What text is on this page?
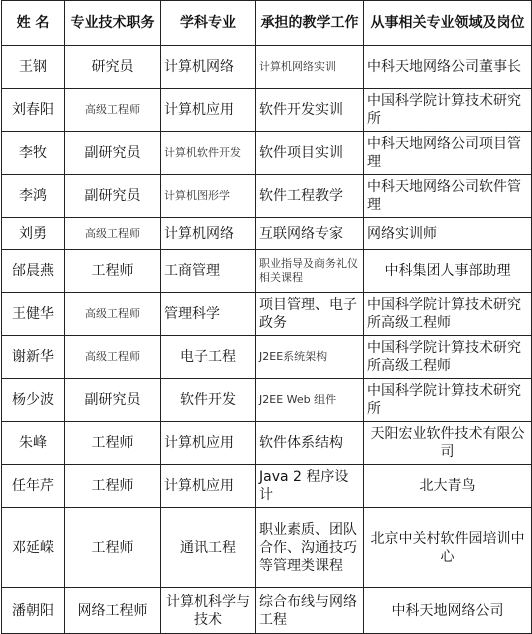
姓 名	专业技术职务	学科专业	承担的教学工作	从事相关专业领域及岗位
王钢	研究员	计算机网络	计算机网络实训	中科天地网络公司董事长
刘春阳	高级工程师	计算机应用	软件开发实训	中国科学院计算技术研究所
李牧	副研究员	计算机软件开发	软件项目实训	中科天地网络公司项目管理
李鸿	副研究员	计算机图形学	软件工程教学	中科天地网络公司软件管理
刘勇	高级工程师	计算机网络	互联网络专家	网络实训师
邰晨燕	工程师	工商管理	职业指导及商务礼仪相关课程	中科集团人事部助理
王健华	高级工程师	管理科学	项目管理、电子政务	中国科学院计算技术研究所高级工程师
谢新华	高级工程师	电子工程	J2EE系统架构	中国科学院计算技术研究所高级工程师
杨少波	副研究员	软件开发	J2EE Web 组件	中国科学院计算技术研究所
朱峰	工程师	计算机应用	软件体系结构	天阳宏业软件技术有限公司
任年芹	工程师	计算机应用	Java 2 程序设计	北大青鸟
邓延嵘	工程师	通讯工程	职业素质、团队合作、沟通技巧等管理类课程	北京中关村软件园培训中心
潘朝阳	网络工程师	计算机科学与技术	综合布线与网络工程	中科天地网络公司
